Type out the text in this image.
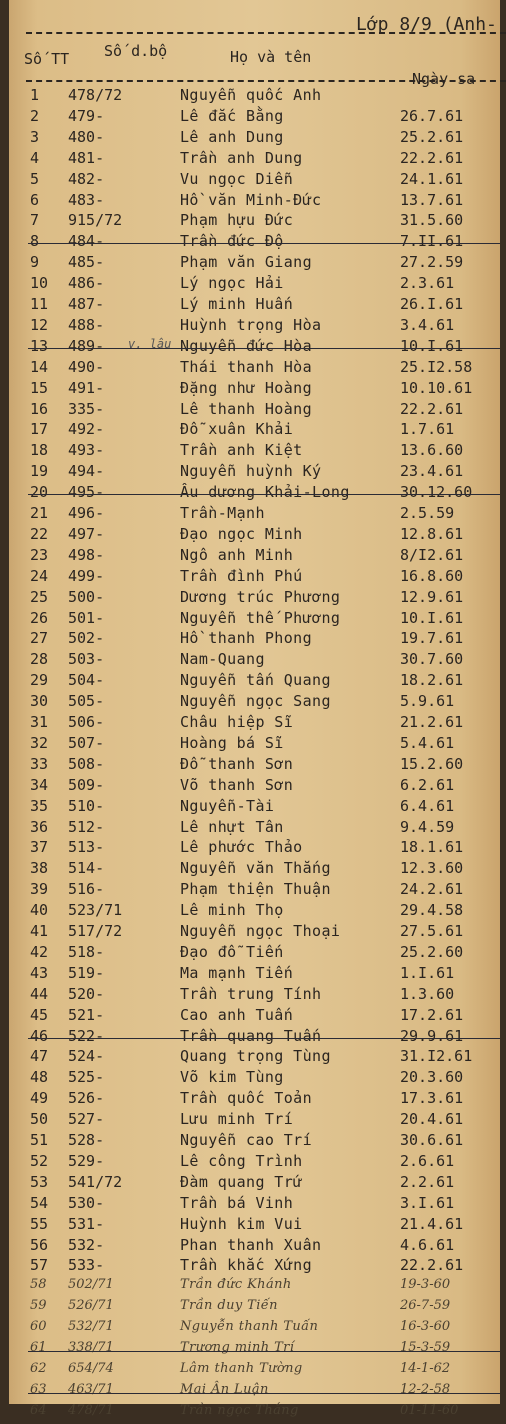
Lớp 8/9 (Anh-
Số TT Số d.bộ	Họ và tên
Ngày sa
1 478/72	Nguyễn quốc Anh
2 479-	Lê đắc Bằng	26.7.61
3 480-	Lê anh Dung	25.2.61
4 481-	Trần anh Dung	22.2.61
5 482-	Vu ngọc Diễn	24.1.61
6 483-	Hồ văn Minh-Đức	13.7.61
7 915/72	Phạm hựu Đức	31.5.60
8 484-	Trần đức Độ	7.II.61
9 485-	Phạm văn Giang	27.2.59
10 486-	Lý ngọc Hải	2.3.61
11 487-	Lý minh Huấn	26.I.61
12 488-	Huỳnh trọng Hòa	3.4.61
13 489-	Nguyễn đức Hòa	10.I.61
v. lâu
14 490-	Thái thanh Hòa	25.I2.58
15 491-	Đặng như Hoàng	10.10.61
16 335-	Lê thanh Hoàng	22.2.61
17 492-	Đỗ xuân Khải	1.7.61
18 493-	Trần anh Kiệt	13.6.60
19 494-	Nguyễn huỳnh Ký	23.4.61
20 495-	Âu dương Khải-Long	30.12.60
21 496-	Trần-Mạnh	2.5.59
22 497-	Đạo ngọc Minh	12.8.61
23 498-	Ngô anh Minh	8/I2.61
24 499-	Trần đình Phú	16.8.60
25 500-	Dương trúc Phương	12.9.61
26 501-	Nguyễn thế Phương	10.I.61
27 502-	Hồ thanh Phong	19.7.61
28 503-	Nam-Quang	30.7.60
29 504-	Nguyễn tấn Quang	18.2.61
30 505-	Nguyễn ngọc Sang	5.9.61
31 506-	Châu hiệp Sĩ	21.2.61
32 507-	Hoàng bá Sĩ	5.4.61
33 508-	Đỗ thanh Sơn	15.2.60
34 509-	Võ thanh Sơn	6.2.61
35 510-	Nguyễn-Tài	6.4.61
36 512-	Lê nhựt Tân	9.4.59
37 513-	Lê phước Thảo	18.1.61
38 514-	Nguyễn văn Thắng	12.3.60
39 516-	Phạm thiện Thuận	24.2.61
40 523/71	Lê minh Thọ	29.4.58
41 517/72	Nguyễn ngọc Thoại	27.5.61
42 518-	Đạo đỗ Tiến	25.2.60
43 519-	Ma mạnh Tiến	1.I.61
44 520-	Trần trung Tính	1.3.60
45 521-	Cao anh Tuấn	17.2.61
46 522-	Trần quang Tuấn	29.9.61
47 524-	Quang trọng Tùng	31.I2.61
48 525-	Võ kim Tùng	20.3.60
49 526-	Trần quốc Toản	17.3.61
50 527-	Lưu minh Trí	20.4.61
51 528-	Nguyễn cao Trí	30.6.61
52 529-	Lê công Trình	2.6.61
53 541/72	Đàm quang Trứ	2.2.61
54 530-	Trần bá Vinh	3.I.61
55 531-	Huỳnh kim Vui	21.4.61
56 532-	Phan thanh Xuân	4.6.61
57 533-	Trần khắc Xứng	22.2.61
58 502/71	Trần đức Khánh	19-3-60
59 526/71	Trần duy Tiến	26-7-59
60 532/71	Nguyễn thanh Tuấn	16-3-60
61 338/71	Trương minh Trí	15-3-59
62 654/74	Lâm thanh Tường	14-1-62
63 463/71	Mai Ân Luận	12-2-58
64 478/71	Trần ngọc Thắng	01-11-60
